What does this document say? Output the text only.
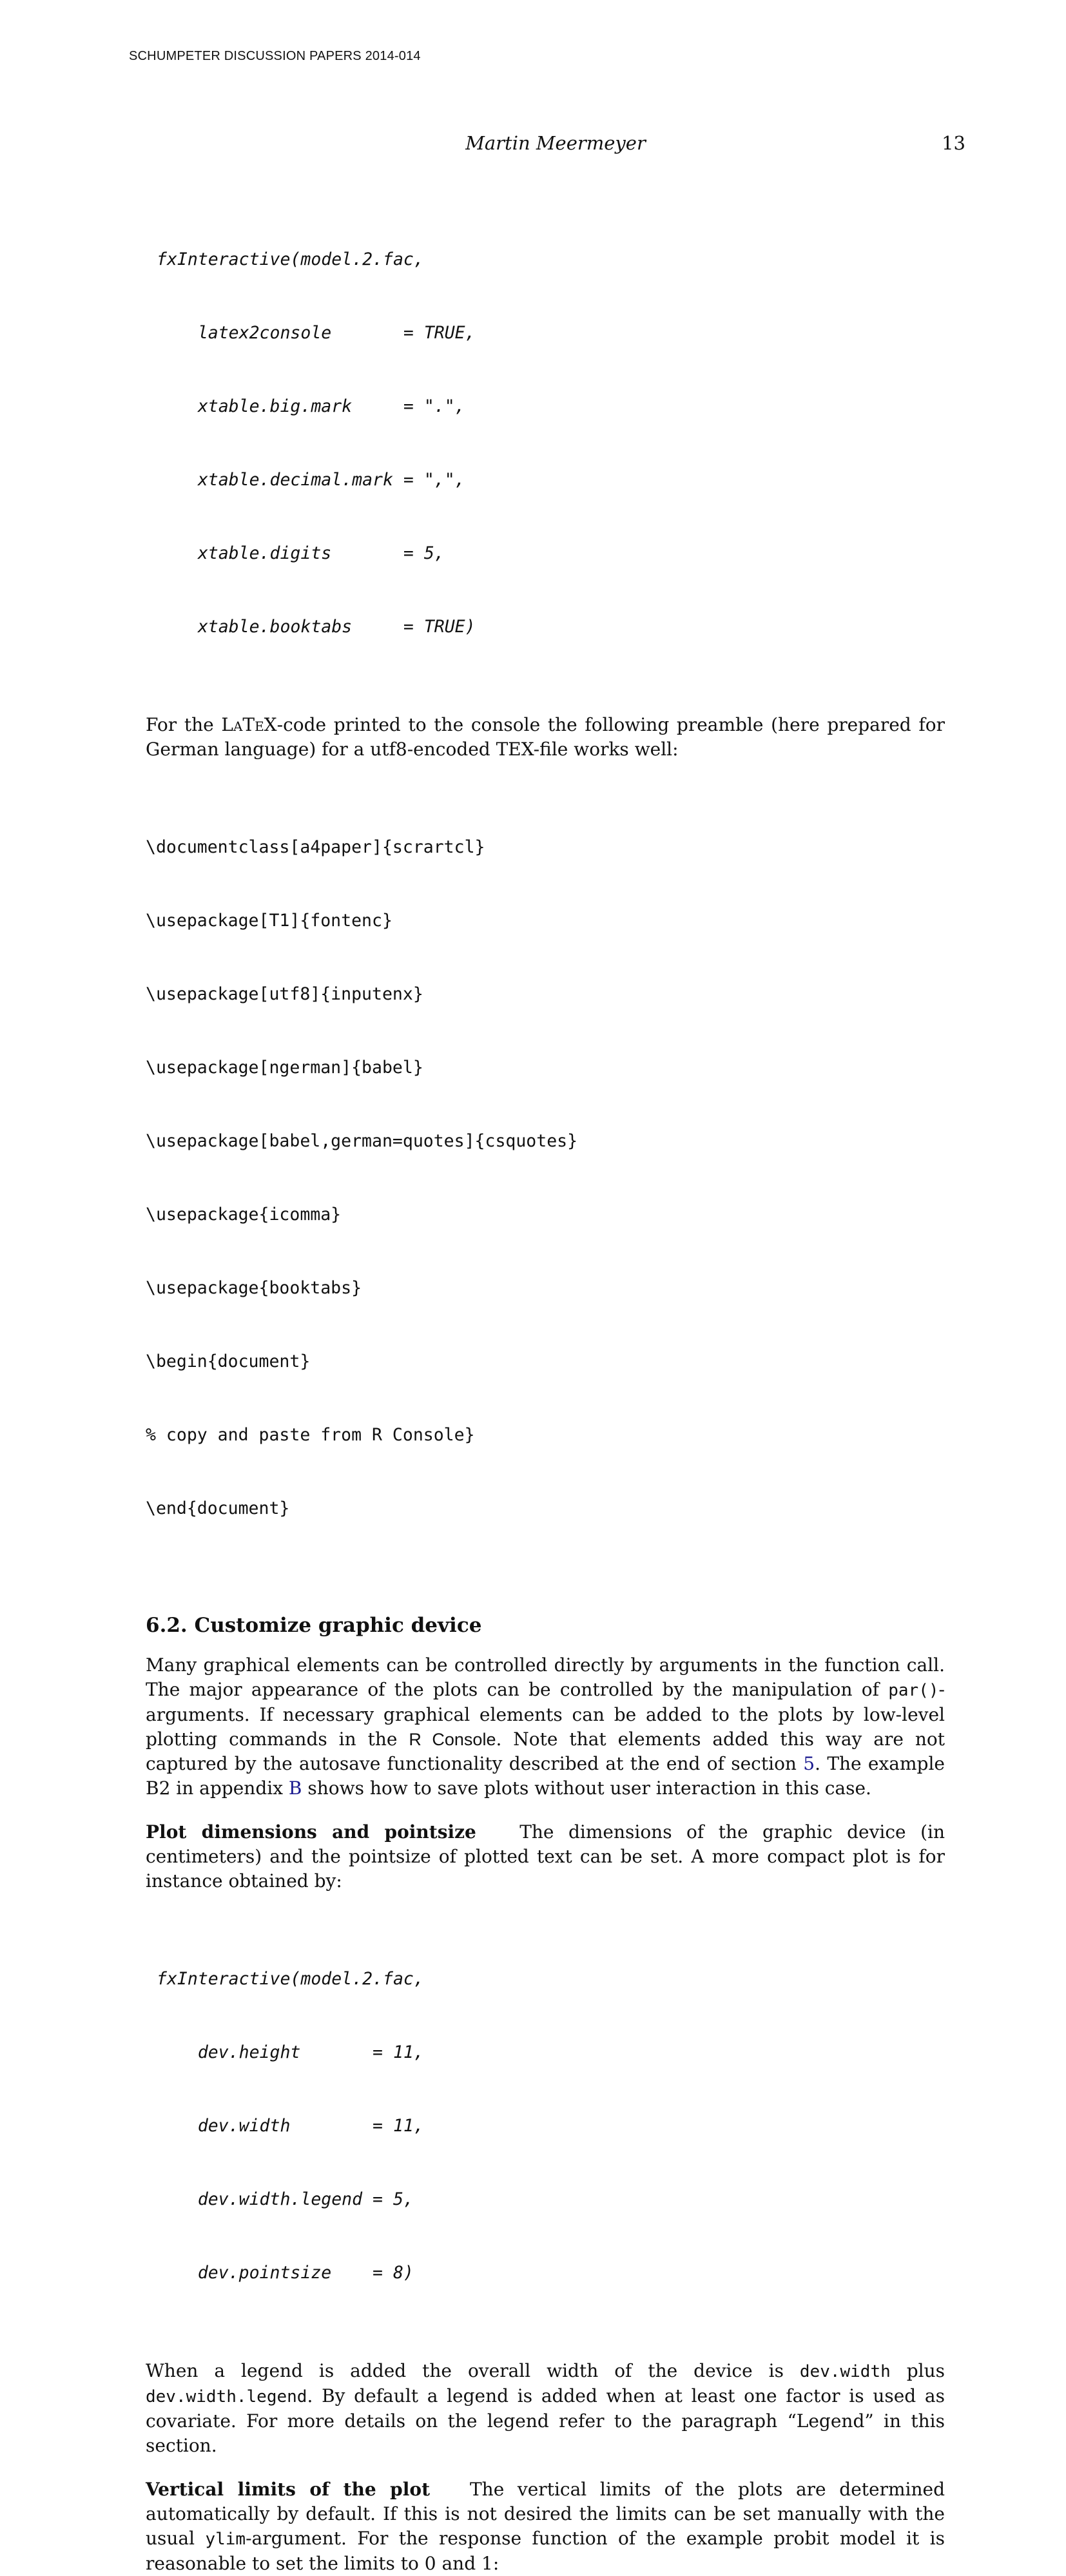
SCHUMPETER DISCUSSION PAPERS 2014-014
Martin Meermeyer	13

fxInteractive(model.2.fac,

latex2console       = TRUE,

xtable.big.mark     = ".",

xtable.decimal.mark = ",",

xtable.digits       = 5,

xtable.booktabs     = TRUE)

For the LaTeX-code printed to the console the following preamble (here prepared for German language) for a utf8-encoded TEX-file works well:

\documentclass[a4paper]{scrartcl}

\usepackage[T1]{fontenc}

\usepackage[utf8]{inputenx}

\usepackage[ngerman]{babel}

\usepackage[babel,german=quotes]{csquotes}

\usepackage{icomma}

\usepackage{booktabs}

\begin{document}

% copy and paste from R Console}

\end{document}

6.2. Customize graphic device

Many graphical elements can be controlled directly by arguments in the function call. The major appearance of the plots can be controlled by the manipulation of par()-arguments. If necessary graphical elements can be added to the plots by low-level plotting commands in the R Console. Note that elements added this way are not captured by the autosave functionality described at the end of section 5. The example B2 in appendix B shows how to save plots without user interaction in this case.

Plot dimensions and pointsize The dimensions of the graphic device (in centimeters) and the pointsize of plotted text can be set. A more compact plot is for instance obtained by:

fxInteractive(model.2.fac,

dev.height       = 11,

dev.width        = 11,

dev.width.legend = 5,

dev.pointsize    = 8)

When a legend is added the overall width of the device is dev.width plus dev.width.legend. By default a legend is added when at least one factor is used as covariate. For more details on the legend refer to the paragraph “Legend” in this section.

Vertical limits of the plot The vertical limits of the plots are determined automatically by default. If this is not desired the limits can be set manually with the usual ylim-argument. For the response function of the example probit model it is reasonable to set the limits to 0 and 1:
